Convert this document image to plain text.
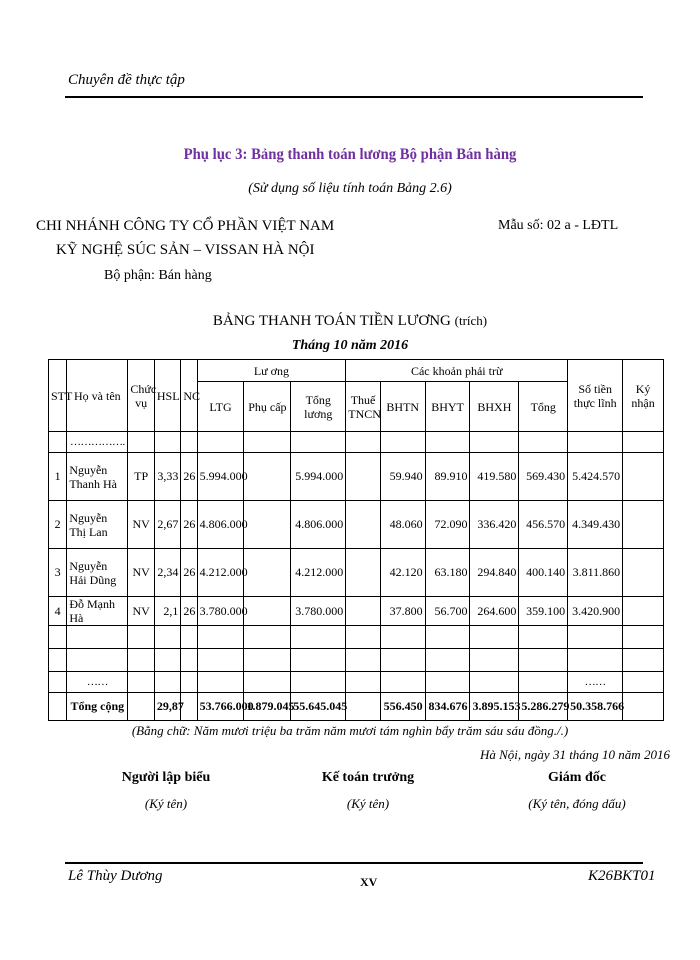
Chuyên đề thực tập
Phụ lục 3: Bảng thanh toán lương Bộ phận Bán hàng
(Sử dụng số liệu tính toán Bảng 2.6)
CHI NHÁNH CÔNG TY CỔ PHẦN VIỆT NAM
KỸ NGHỆ SÚC SẢN – VISSAN HÀ NỘI
Bộ phận: Bán hàng
Mẫu số: 02 a - LĐTL
BẢNG THANH TOÁN TIỀN LƯƠNG (trích)
Tháng 10 năm 2016
STT	Họ và tên	Chức vụ	HSL	NC	Lư ơng			Các khoản phải trừ					Số tiền thực lĩnh	Ký nhận
					LTG	Phụ cấp	Tổng lương	Thuế TNCN	BHTN	BHYT	BHXH	Tổng		
	…………….													
1	Nguyễn Thanh Hà	TP	3,33	26	5.994.000		5.994.000		59.940	89.910	419.580	569.430	5.424.570	
2	Nguyễn Thị Lan	NV	2,67	26	4.806.000		4.806.000		48.060	72.090	336.420	456.570	4.349.430	
3	Nguyễn Hải Dũng	NV	2,34	26	4.212.000		4.212.000		42.120	63.180	294.840	400.140	3.811.860	
4	Đỗ Mạnh Hà	NV	2,1	26	3.780.000		3.780.000		37.800	56.700	264.600	359.100	3.420.900	

	……												……	
	Tổng cộng		29,87		53.766.000	1.879.045	55.645.045		556.450	834.676	3.895.153	5.286.279	50.358.766	
(Bằng chữ: Năm mươi triệu ba trăm năm mươi tám nghìn bẩy trăm sáu sáu đồng./.)
Hà Nội, ngày 31 tháng 10 năm 2016
Người lập biểu
(Ký tên)
Kế toán trưởng
(Ký tên)
Giám đốc
(Ký tên, đóng dấu)
Lê Thùy Dương	XV	K26BKT01
